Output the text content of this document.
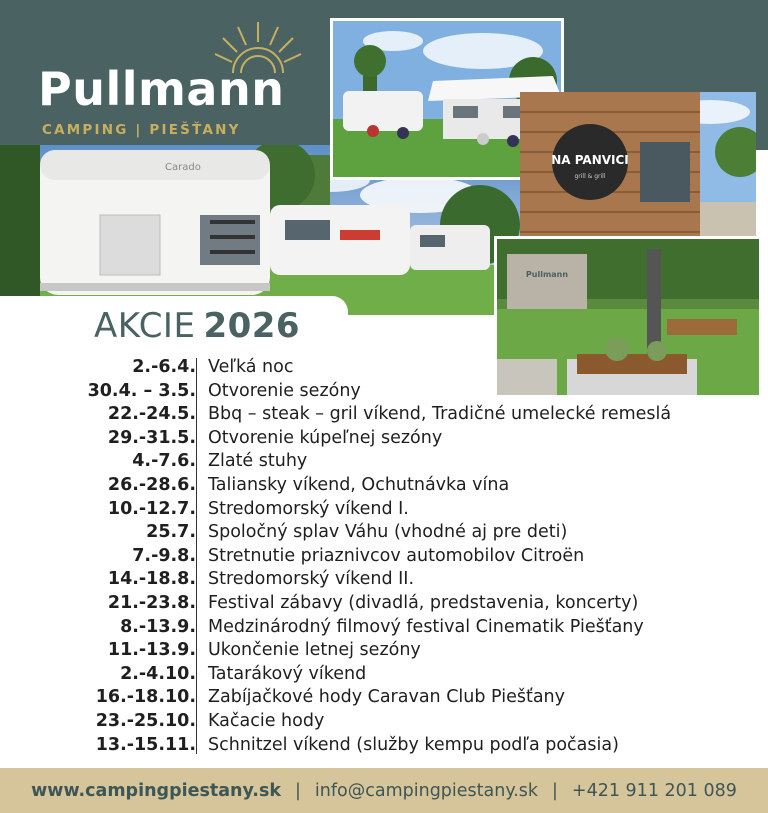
Carado
NA PANVICI
grill & grill
Pullmann
Pullmann
CAMPING | PIEŠŤANY
AKCIE 2026
2.-6.4. Veľká noc
30.4. – 3.5. Otvorenie sezóny
22.-24.5. Bbq – steak – gril víkend, Tradičné umelecké remeslá
29.-31.5. Otvorenie kúpeľnej sezóny
4.-7.6. Zlaté stuhy
26.-28.6. Taliansky víkend, Ochutnávka vína
10.-12.7. Stredomorský víkend I.
25.7. Spoločný splav Váhu (vhodné aj pre deti)
7.-9.8. Stretnutie priaznivcov automobilov Citroën
14.-18.8. Stredomorský víkend II.
21.-23.8. Festival zábavy (divadlá, predstavenia, koncerty)
8.-13.9. Medzinárodný filmový festival Cinematik Piešťany
11.-13.9. Ukončenie letnej sezóny
2.-4.10. Tatarákový víkend
16.-18.10. Zabíjačkové hody Caravan Club Piešťany
23.-25.10. Kačacie hody
13.-15.11. Schnitzel víkend (služby kempu podľa počasia)
www.campingpiestany.sk | info@campingpiestany.sk | +421 911 201 089
